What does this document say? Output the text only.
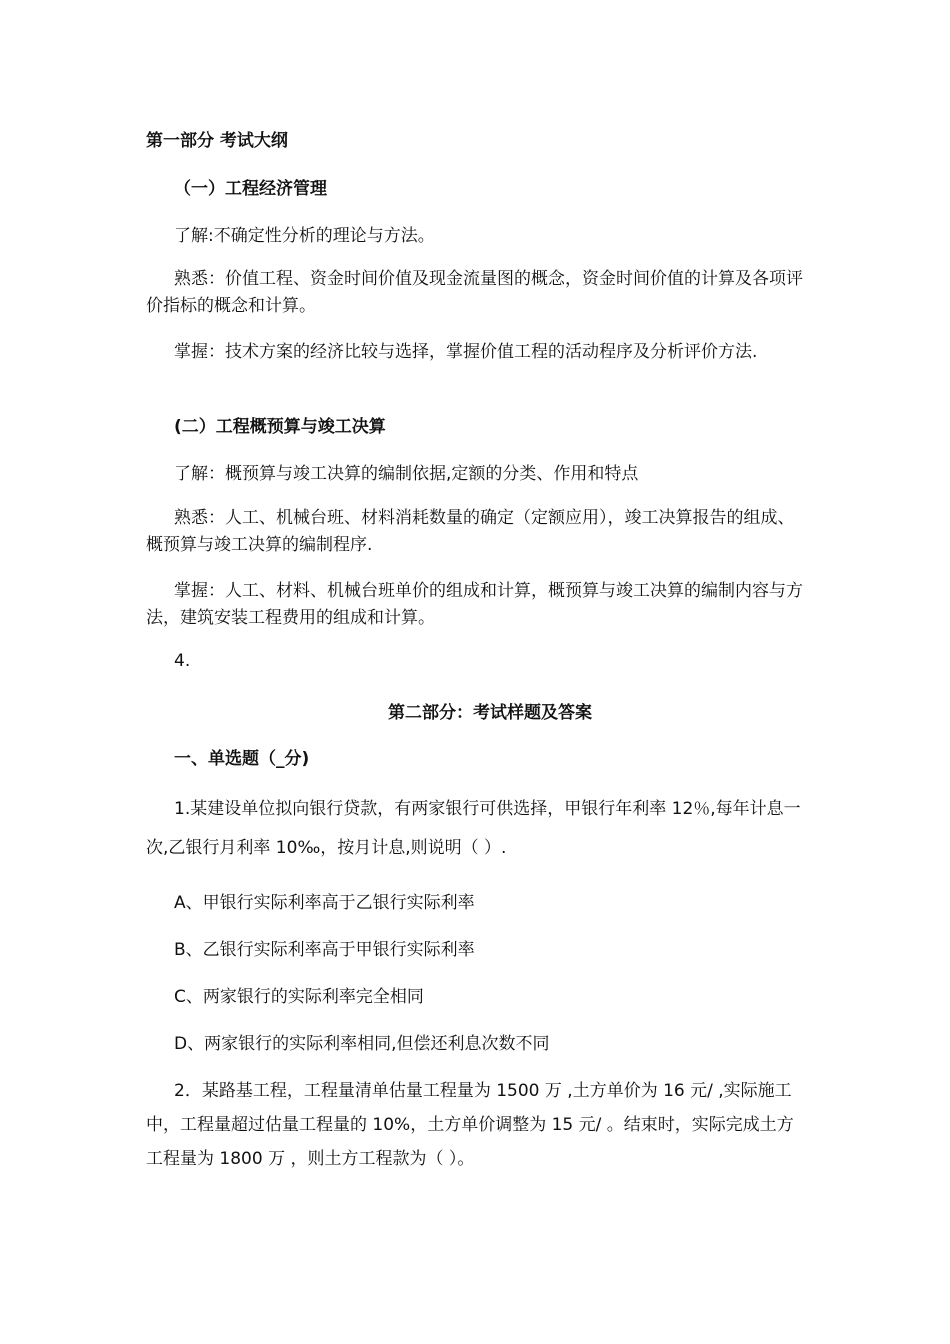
第一部分 考试大纲

（一）工程经济管理

了解:不确定性分析的理论与方法。

熟悉：价值工程、资金时间价值及现金流量图的概念，资金时间价值的计算及各项评价指标的概念和计算。

掌握：技术方案的经济比较与选择，掌握价值工程的活动程序及分析评价方法.

(二）工程概预算与竣工决算

了解：概预算与竣工决算的编制依据,定额的分类、作用和特点

熟悉：人工、机械台班、材料消耗数量的确定（定额应用），竣工决算报告的组成、概预算与竣工决算的编制程序.

掌握：人工、材料、机械台班单价的组成和计算，概预算与竣工决算的编制内容与方法，建筑安装工程费用的组成和计算。

4.

第二部分：考试样题及答案

一、单选题（_分)

1.某建设单位拟向银行贷款，有两家银行可供选择，甲银行年利率 12％,每年计息一次,乙银行月利率 10‰，按月计息,则说明（ ）.

A、甲银行实际利率高于乙银行实际利率

B、乙银行实际利率高于甲银行实际利率

C、两家银行的实际利率完全相同

D、两家银行的实际利率相同,但偿还利息次数不同

2．某路基工程，工程量清单估量工程量为 1500 万 ,土方单价为 16 元/ ,实际施工中，工程量超过估量工程量的 10%，土方单价调整为 15 元/ 。结束时，实际完成土方工程量为 1800 万 ，则土方工程款为（ ）。
